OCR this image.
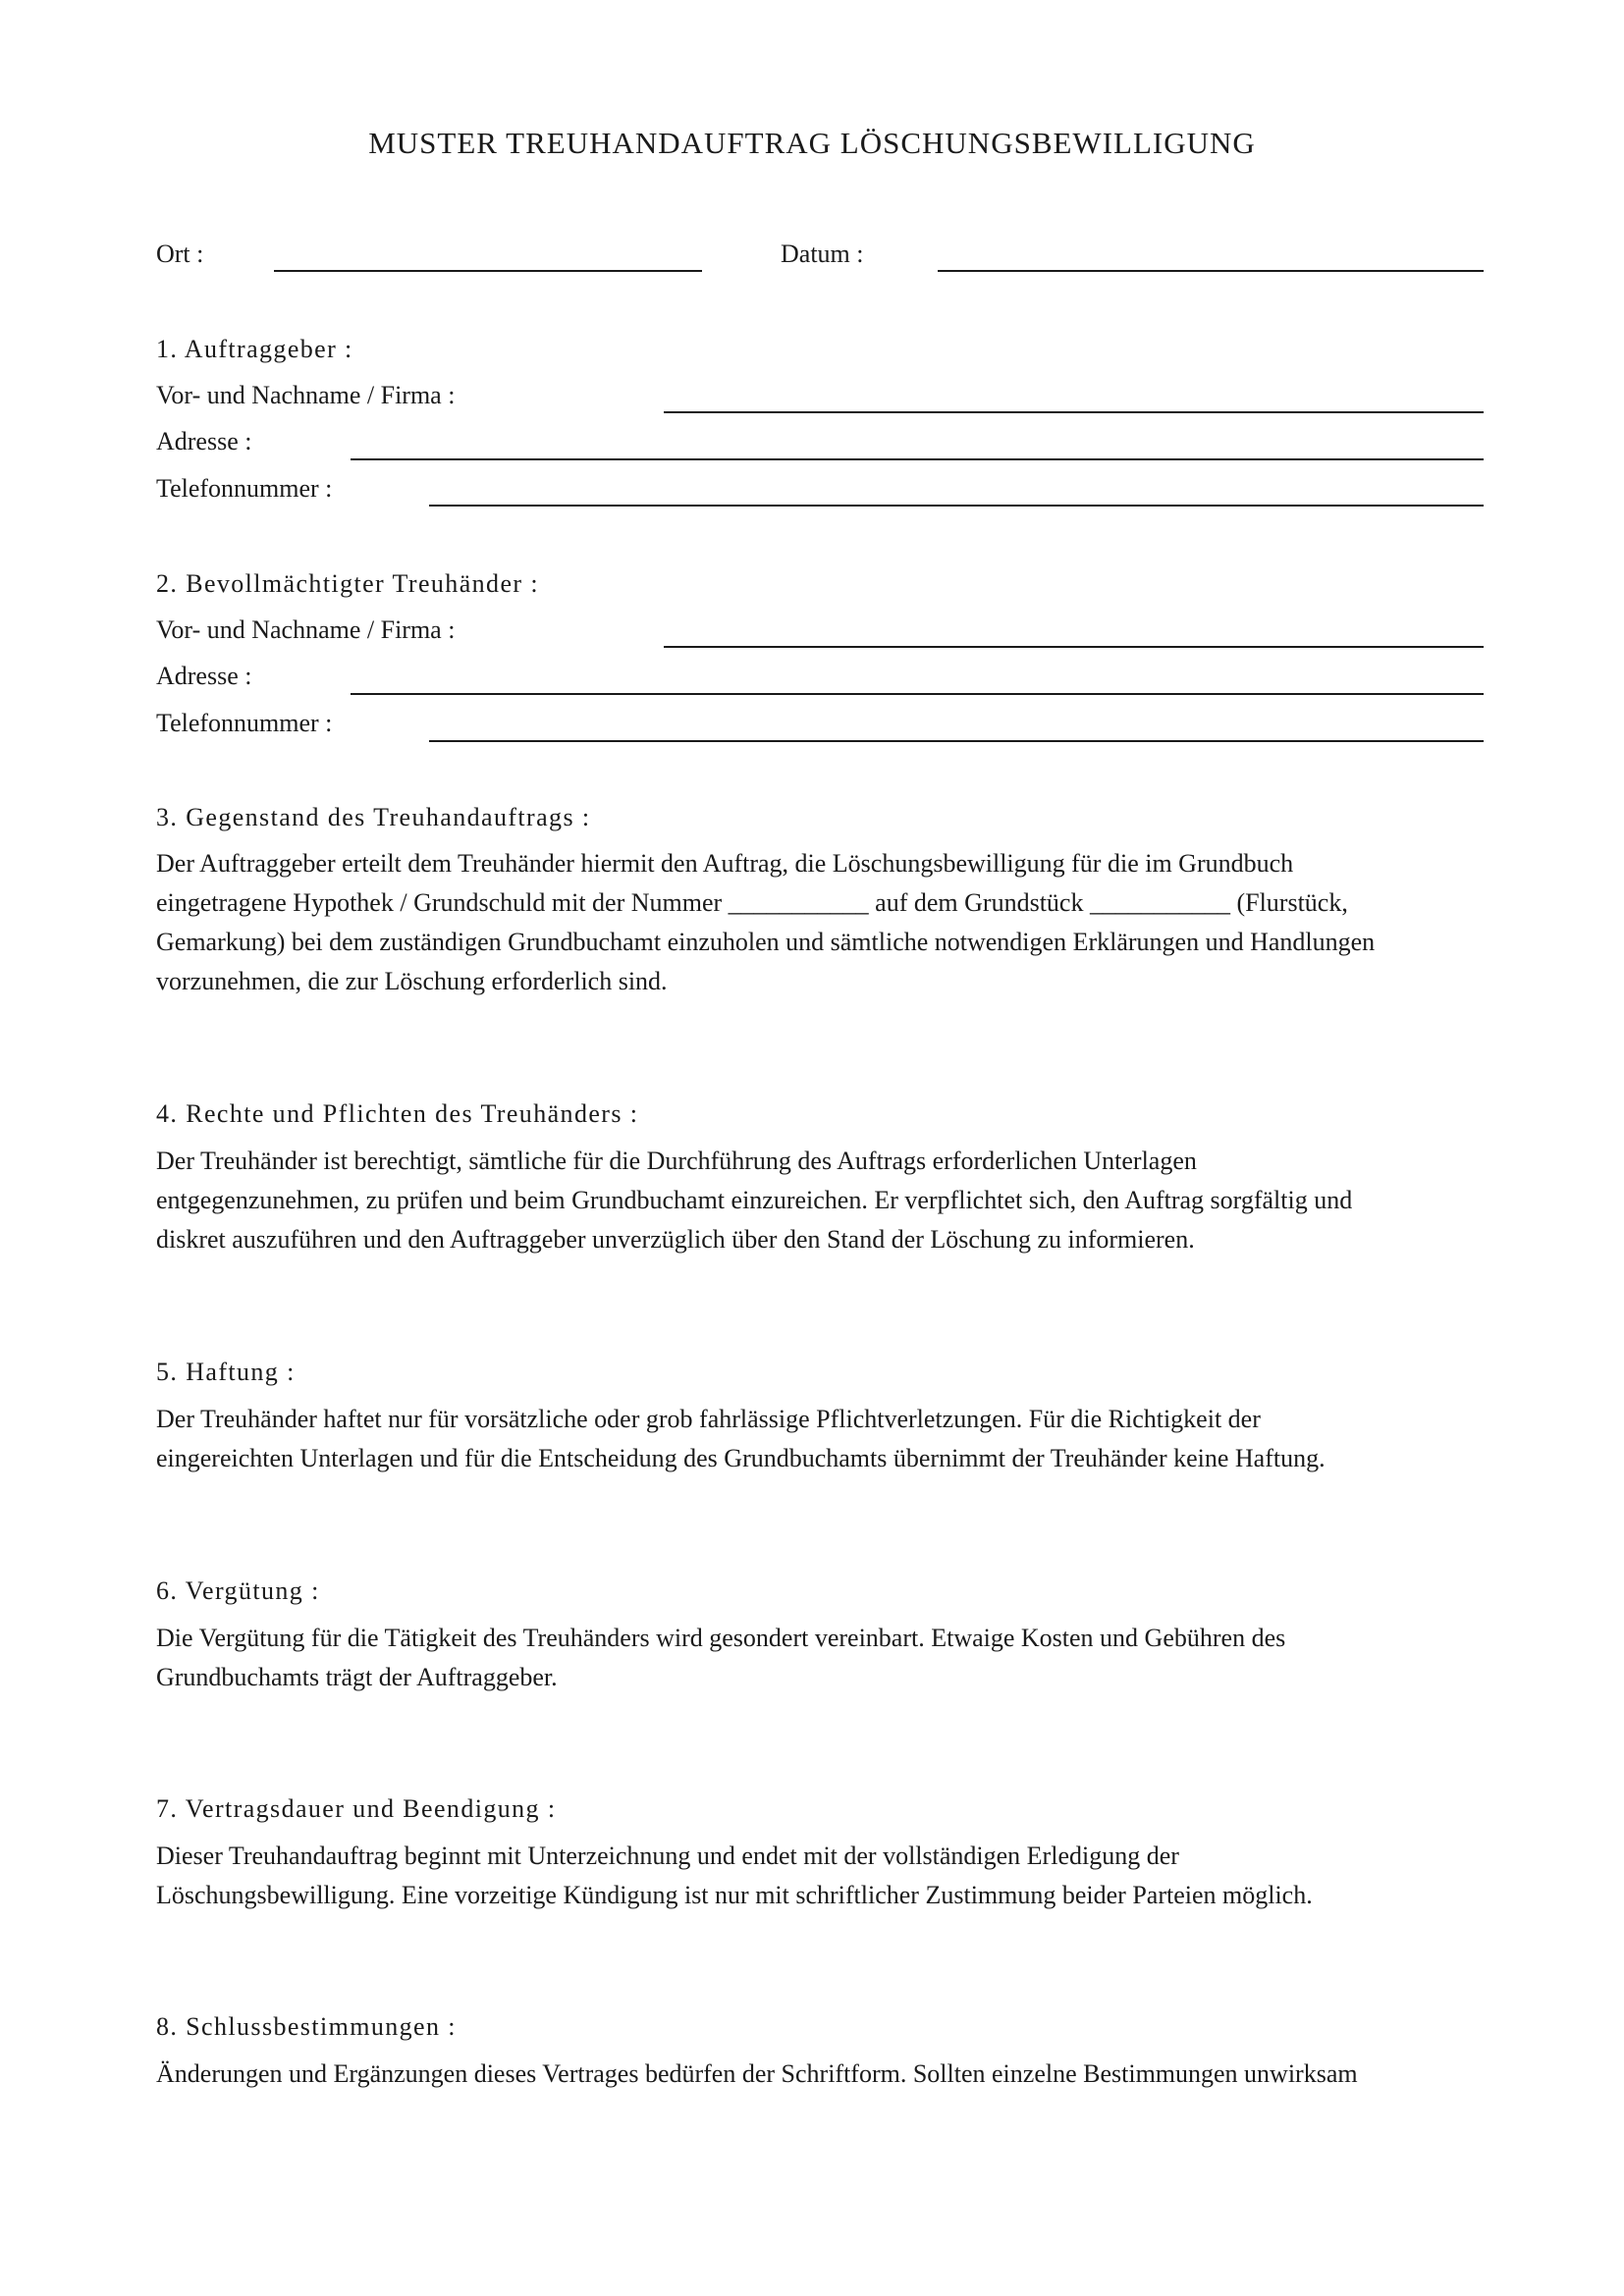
MUSTER TREUHANDAUFTRAG LÖSCHUNGSBEWILLIGUNG
Ort :	Datum :
1. Auftraggeber :
Vor- und Nachname / Firma :
Adresse :
Telefonnummer :
2. Bevollmächtigter Treuhänder :
Vor- und Nachname / Firma :
Adresse :
Telefonnummer :
3. Gegenstand des Treuhandauftrags :
Der Auftraggeber erteilt dem Treuhänder hiermit den Auftrag, die Löschungsbewilligung für die im Grundbuch
eingetragene Hypothek / Grundschuld mit der Nummer ___________ auf dem Grundstück ___________ (Flurstück,
Gemarkung) bei dem zuständigen Grundbuchamt einzuholen und sämtliche notwendigen Erklärungen und Handlungen
vorzunehmen, die zur Löschung erforderlich sind.
4. Rechte und Pflichten des Treuhänders :
Der Treuhänder ist berechtigt, sämtliche für die Durchführung des Auftrags erforderlichen Unterlagen
entgegenzunehmen, zu prüfen und beim Grundbuchamt einzureichen. Er verpflichtet sich, den Auftrag sorgfältig und
diskret auszuführen und den Auftraggeber unverzüglich über den Stand der Löschung zu informieren.
5. Haftung :
Der Treuhänder haftet nur für vorsätzliche oder grob fahrlässige Pflichtverletzungen. Für die Richtigkeit der
eingereichten Unterlagen und für die Entscheidung des Grundbuchamts übernimmt der Treuhänder keine Haftung.
6. Vergütung :
Die Vergütung für die Tätigkeit des Treuhänders wird gesondert vereinbart. Etwaige Kosten und Gebühren des
Grundbuchamts trägt der Auftraggeber.
7. Vertragsdauer und Beendigung :
Dieser Treuhandauftrag beginnt mit Unterzeichnung und endet mit der vollständigen Erledigung der
Löschungsbewilligung. Eine vorzeitige Kündigung ist nur mit schriftlicher Zustimmung beider Parteien möglich.
8. Schlussbestimmungen :
Änderungen und Ergänzungen dieses Vertrages bedürfen der Schriftform. Sollten einzelne Bestimmungen unwirksam
